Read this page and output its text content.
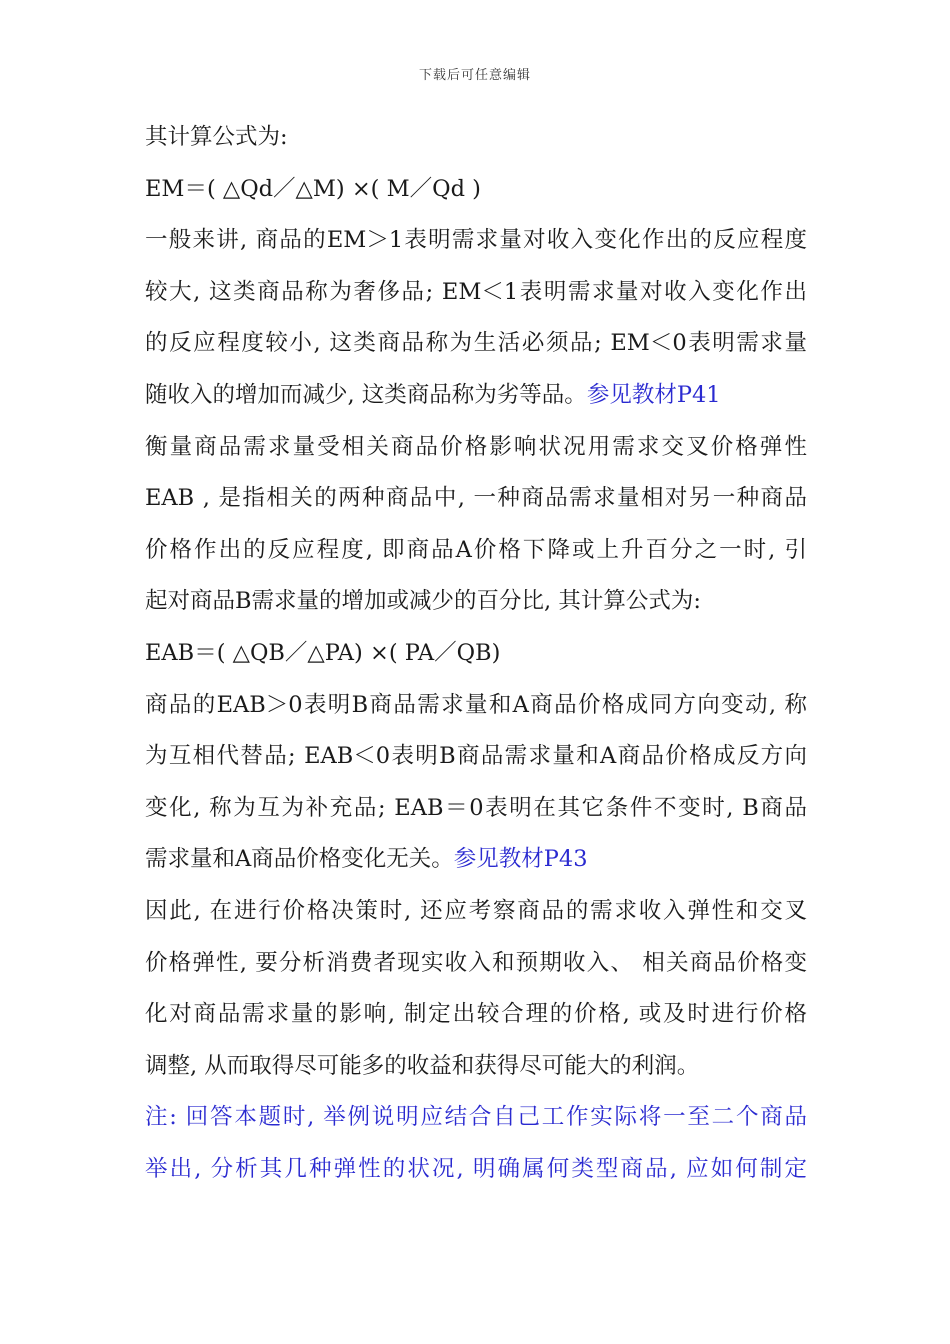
下载后可任意编辑
其计算公式为:
EM＝( △Qd／△M) ×( M／Qd )
一般来讲, 商品的EM＞1表明需求量对收入变化作出的反应程度
较大, 这类商品称为奢侈品; EM＜1表明需求量对收入变化作出
的反应程度较小, 这类商品称为生活必须品; EM＜0表明需求量
随收入的增加而减少, 这类商品称为劣等品。参见教材P41
衡量商品需求量受相关商品价格影响状况用需求交叉价格弹性
EAB , 是指相关的两种商品中, 一种商品需求量相对另一种商品
价格作出的反应程度, 即商品A价格下降或上升百分之一时, 引
起对商品B需求量的增加或减少的百分比, 其计算公式为:
EAB＝( △QB／△PA) ×( PA／QB)
商品的EAB＞0表明B商品需求量和A商品价格成同方向变动, 称
为互相代替品; EAB＜0表明B商品需求量和A商品价格成反方向
变化, 称为互为补充品; EAB＝0表明在其它条件不变时, B商品
需求量和A商品价格变化无关。参见教材P43
因此, 在进行价格决策时, 还应考察商品的需求收入弹性和交叉
价格弹性, 要分析消费者现实收入和预期收入、 相关商品价格变
化对商品需求量的影响, 制定出较合理的价格, 或及时进行价格
调整, 从而取得尽可能多的收益和获得尽可能大的利润。
注: 回答本题时, 举例说明应结合自己工作实际将一至二个商品
举出, 分析其几种弹性的状况, 明确属何类型商品, 应如何制定
